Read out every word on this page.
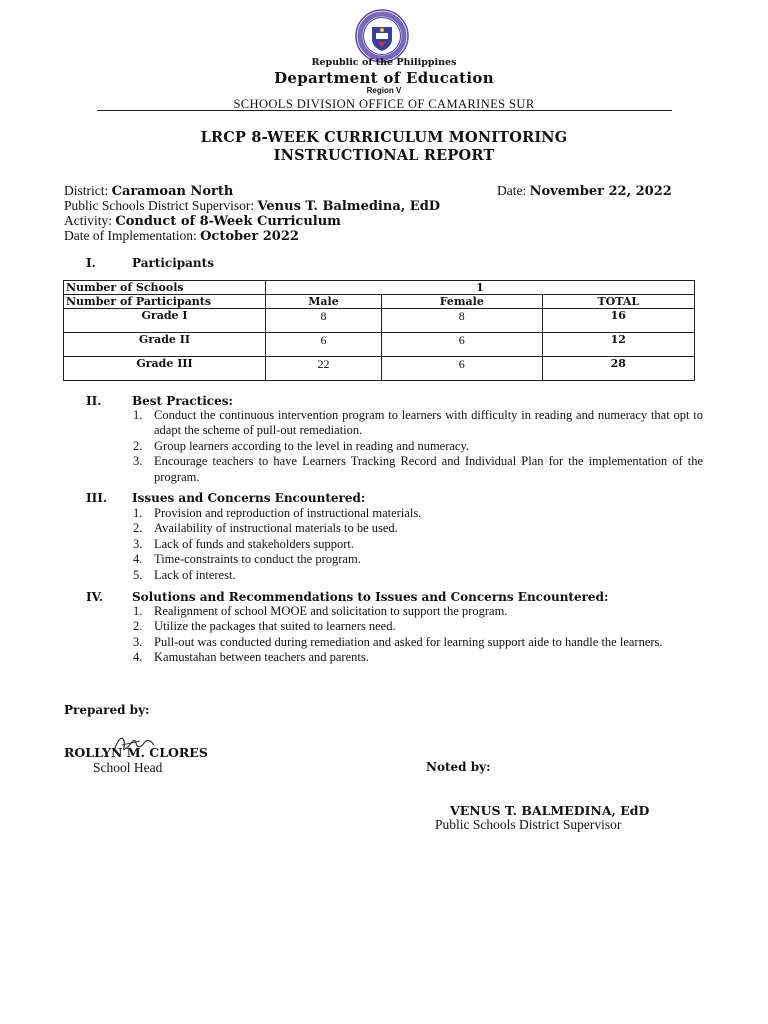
Republic of the Philippines
Department of Education
Region V
SCHOOLS DIVISION OFFICE OF CAMARINES SUR
LRCP 8-WEEK CURRICULUM MONITORING
INSTRUCTIONAL REPORT
District: Caramoan North	Date: November 22, 2022
Public Schools District Supervisor: Venus T. Balmedina, EdD
Activity: Conduct of 8-Week Curriculum
Date of Implementation: October 2022
I.	Participants
Number of Schools	1		
Number of Participants	Male	Female	TOTAL
Grade I	8	8	16
Grade II	6	6	12
Grade III	22	6	28
II.	Best Practices:
1. Conduct the continuous intervention program to learners with difficulty in reading and numeracy that opt to adapt the scheme of pull-out remediation.
2. Group learners according to the level in reading and numeracy.
3. Encourage teachers to have Learners Tracking Record and Individual Plan for the implementation of the program.
III. Issues and Concerns Encountered:
1. Provision and reproduction of instructional materials.
2. Availability of instructional materials to be used.
3. Lack of funds and stakeholders support.
4. Time-constraints to conduct the program.
5. Lack of interest.
IV. Solutions and Recommendations to Issues and Concerns Encountered:
1. Realignment of school MOOE and solicitation to support the program.
2. Utilize the packages that suited to learners need.
3. Pull-out was conducted during remediation and asked for learning support aide to handle the learners.
4. Kamustahan between teachers and parents.
Prepared by:
ROLLYN M. CLORES
School Head	Noted by:
VENUS T. BALMEDINA, EdD
Public Schools District Supervisor
